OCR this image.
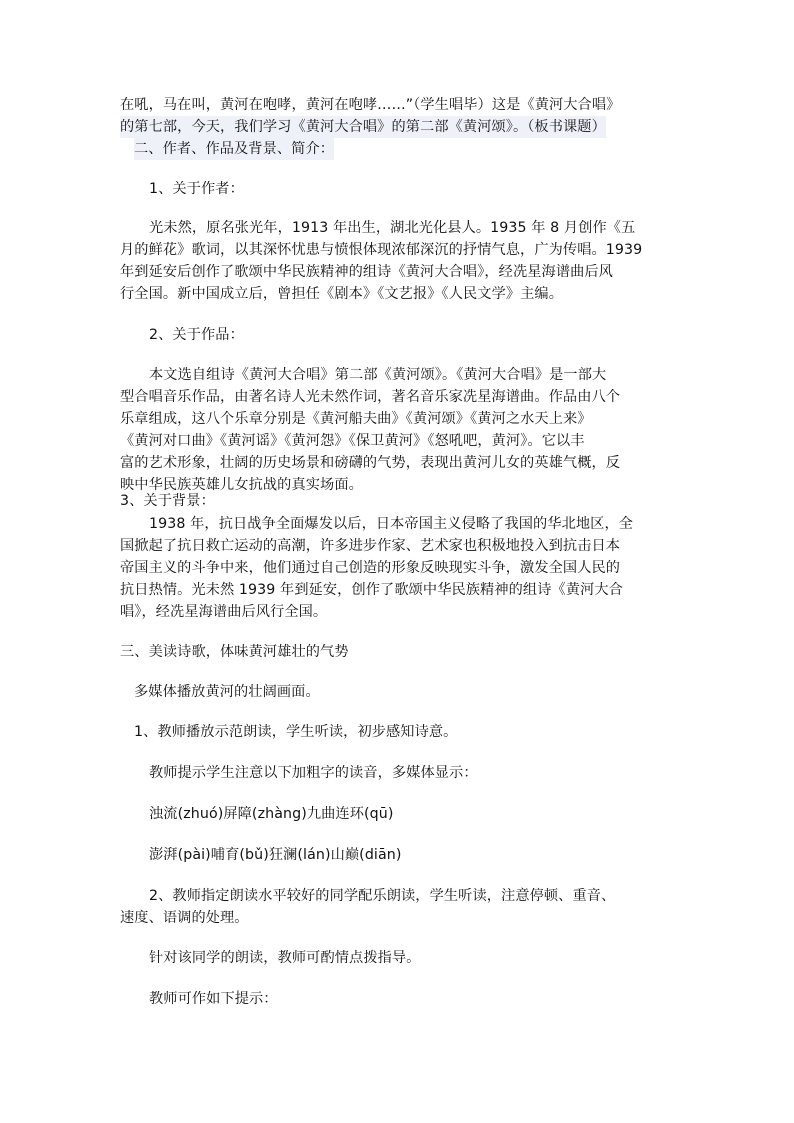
在吼，马在叫，黄河在咆哮，黄河在咆哮……”（学生唱毕）这是《黄河大合唱》
的第七部，今天，我们学习《黄河大合唱》的第二部《黄河颂》。（板书课题）
二、作者、作品及背景、简介：
1、关于作者：
光未然，原名张光年，1913 年出生，湖北光化县人。1935 年 8 月创作《五
月的鲜花》歌词，以其深怀忧患与愤恨体现浓郁深沉的抒情气息，广为传唱。1939
年到延安后创作了歌颂中华民族精神的组诗《黄河大合唱》，经冼星海谱曲后风
行全国。新中国成立后，曾担任《剧本》《文艺报》《人民文学》主编。
2、关于作品：
本文选自组诗《黄河大合唱》第二部《黄河颂》。《黄河大合唱》是一部大
型合唱音乐作品，由著名诗人光未然作词，著名音乐家冼星海谱曲。作品由八个
乐章组成，这八个乐章分别是《黄河船夫曲》《黄河颂》《黄河之水天上来》
《黄河对口曲》《黄河谣》《黄河怨》《保卫黄河》《怒吼吧，黄河》。它以丰
富的艺术形象，壮阔的历史场景和磅礴的气势，表现出黄河儿女的英雄气概，反
映中华民族英雄儿女抗战的真实场面。
3、关于背景：
1938 年，抗日战争全面爆发以后，日本帝国主义侵略了我国的华北地区，全
国掀起了抗日救亡运动的高潮，许多进步作家、艺术家也积极地投入到抗击日本
帝国主义的斗争中来，他们通过自己创造的形象反映现实斗争，激发全国人民的
抗日热情。光未然 1939 年到延安，创作了歌颂中华民族精神的组诗《黄河大合
唱》，经冼星海谱曲后风行全国。
三、美读诗歌，体味黄河雄壮的气势
多媒体播放黄河的壮阔画面。
1、教师播放示范朗读，学生听读，初步感知诗意。
教师提示学生注意以下加粗字的读音，多媒体显示：
浊流(zhuó)屏障(zhàng)九曲连环(qū)
澎湃(pài)哺育(bǔ)狂澜(lán)山巅(diān)
2、教师指定朗读水平较好的同学配乐朗读，学生听读，注意停顿、重音、
速度、语调的处理。
针对该同学的朗读，教师可酌情点拨指导。
教师可作如下提示：
